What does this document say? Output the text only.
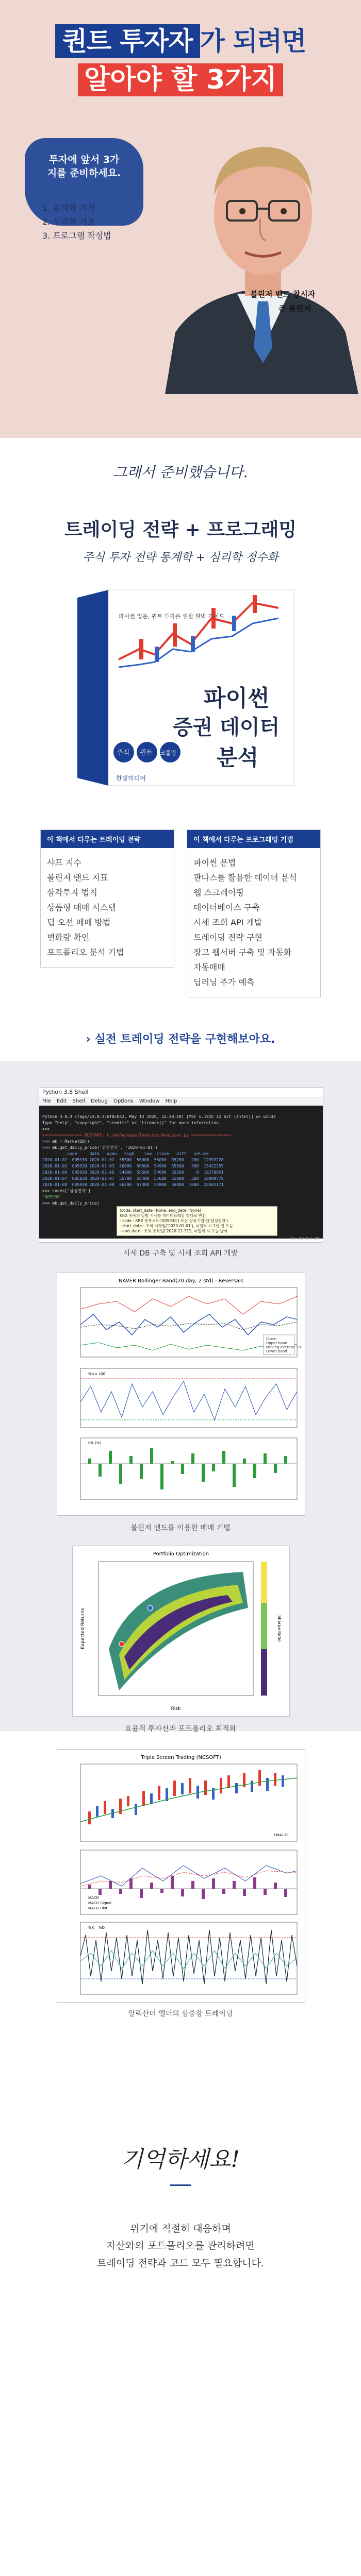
퀀트 투자자 가 되려면
알아야 할 3가지
투자에 앞서 3가지를 준비하세요.
1. 통계학 지식
2. 심리학 기초
3. 프로그램 작성법
볼린저 밴드 창시자
존 볼린저
그래서 준비했습니다.
트레이딩 전략 + 프로그래밍
주식 투자 전략 통계학 + 심리학 정수화
파이썬 입문, 퀀트 투자를 위한 완벽 가이드
파이썬
증권 데이터
분석
주식 퀀트 크롤링
한빛미디어
이 책에서 다루는 트레이딩 전략
샤프 지수
볼린저 밴드 지표
삼각투자 법칙
상품형 매매 시스템
딥 오션 매매 방법
변화량 확인
포트폴리오 분석 기법
이 책에서 다루는 프로그래밍 기법
파이썬 문법
판다스를 활용한 데이터 분석
웹 스크레이핑
데이터베이스 구축
시세 조회 API 개발
트레이딩 전략 구현
장고 웹서버 구축 및 자동화
자동매매
딥러닝 주가 예측
› 실전 트레이딩 전략을 구현해보아요.
Python 3.8 Shell
File Edit Shell Debug Options Window Help

Python 3.8.3 (tags/v3.8.3:6f8c832, May 13 2020, 22:20:19) [MSC v.1925 32 bit (Intel)] on win32
Type "help", "copyright", "credits" or "license()" for more information.
>>>
================ RESTART: C:/myPackage/Investar/Analyzer.py ================
>>> mk = MarketDB()
>>> mk.get_daily_price('삼성전자', '2020-01-01')
code     date   open   high    low  close   diff   volume
2020-01-02  005930 2020-01-02  55500  56000  55000  55200   200  12993228
2020-01-03  005930 2020-01-03  56000  56600  54900  55500   300  15422255
2020-01-06  005930 2020-01-06  54900  55600  54600  55500     0  10278951
2020-01-07  005930 2020-01-07  55700  56400  55600  55800   300  10009778
2020-01-08  005930 2020-01-08  56200  57400  55900  56800  1000  23501171
>>> codes['삼성전자']
'005930'
>>> mk.get_daily_price(

(code, start_date=None, end_date=None)
KRX 종목의 일별 시세를 데이터프레임 형태로 반환
- code : KRX 종목코드('005930') 또는 상장기업명('삼성전자')
- start_date : 조회 시작일('2020-01-01'), 미입력 시 1년 전 오늘
- end_date : 조회 종료일('2020-12-31'), 미입력 시 오늘 날짜
Ln: 22 Col: 20
시세 DB 구축 및 시세 조회 API 개발
NAVER Bollinger Band(20 day, 2 std) - Reversals
Close
Upper band
Moving average 20
Lower band
%b x 100
II% (%)
볼린저 밴드를 이용한 매매 기법
Portfolio Optimization
Risk
Expected Returns	Sharpe Ratio
효율적 투자선과 포트폴리오 최적화
Triple Screen Trading (NCSOFT)
EMA130
MACD
MACD-Signal
MACD-Hist
%K %D
알렉산더 엘더의 삼중창 트레이딩
기억하세요!
위기에 적절히 대응하며
자산와의 포트폴리오를 관리하려면
트레이딩 전략과 코드 모두 필요합니다.
